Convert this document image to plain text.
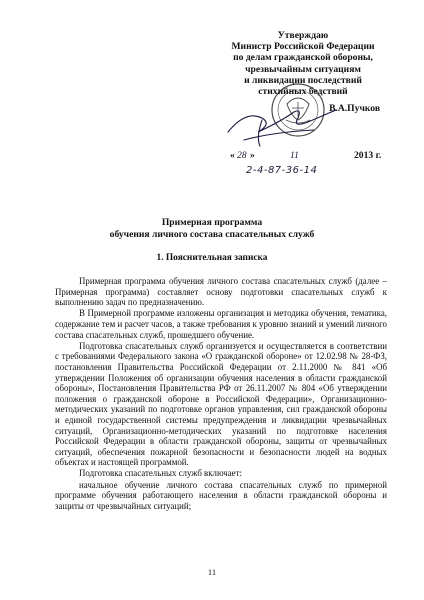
Утверждаю
Министр Российской Федерации
по делам гражданской обороны,
чрезвычайным ситуациям
и ликвидации последствий
стихийных бедствий
В.А.Пучков
« 28 »	11	2013 г.
2-4-87-36-14
Примерная программа
обучения личного состава спасательных служб
1. Пояснительная записка

Примерная программа обучения личного состава спасательных служб (далее – Примерная программа) составляет основу подготовки спасательных служб к выполнению задач по предназначению.

В Примерной программе изложены организация и методика обучения, тематика, содержание тем и расчет часов, а также требования к уровню знаний и умений личного состава спасательных служб, прошедшего обучение.

Подготовка спасательных служб организуется и осуществляется в соответствии с требованиями Федерального закона «О гражданской обороне» от 12.02.98 № 28-ФЗ, постановления Правительства Российской Федерации от 2.11.2000 № 841 «Об утверждении Положения об организации обучения населения в области гражданской обороны», Постановления Правительства РФ от 26.11.2007 № 804 «Об утверждении положения о гражданской обороне в Российской Федерации», Организационно-методических указаний по подготовке органов управления, сил гражданской обороны и единой государственной системы предупреждения и ликвидации чрезвычайных ситуаций, Организационно-методических указаний по подготовке населения Российской Федерации в области гражданской обороны, защиты от чрезвычайных ситуаций, обеспечения пожарной безопасности и безопасности людей на водных объектах и настоящей программой.

Подготовка спасательных служб включает:

начальное обучение личного состава спасательных служб по примерной программе обучения работающего населения в области гражданской обороны и защиты от чрезвычайных ситуаций;

11
